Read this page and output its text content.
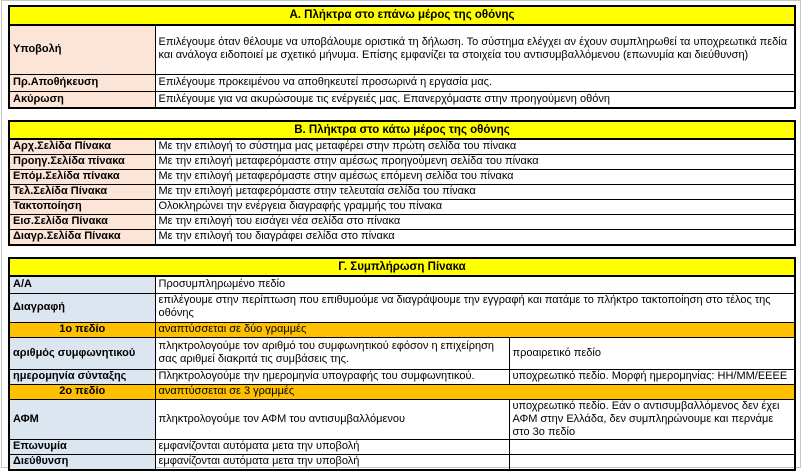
Α. Πλήκτρα στο επάνω μέρος της οθόνης	
Υποβολή	Επιλέγουμε όταν θέλουμε να υποβάλουμε οριστικά τη δήλωση. Το σύστημα ελέγχει αν έχουν συμπληρωθεί τα υποχρεωτικά πεδία και ανάλογα ειδοποιεί με σχετικό μήνυμα. Επίσης εμφανίζει τα στοιχεία του αντισυμβαλλόμενου (επωνυμία και διεύθυνση)
Πρ.Αποθήκευση	Επιλέγουμε προκειμένου να αποθηκευτεί προσωρινά η εργασία μας.
Ακύρωση	Επιλέγουμε για να ακυρώσουμε τις ενέργειές μας. Επανερχόμαστε στην προηγούμενη οθόνη
Β. Πλήκτρα στο κάτω μέρος της οθόνης	
Αρχ.Σελίδα Πίνακα	Με την επιλογή το σύστημα μας μεταφέρει στην πρώτη σελίδα του πίνακα
Προηγ.Σελίδα πίνακα	Με την επιλογή μεταφερόμαστε στην αμέσως προηγούμενη σελίδα του πίνακα
Επόμ.Σελίδα πίνακα	Με την επιλογή μεταφερόμαστε στην αμέσως επόμενη σελίδα του πίνακα
Τελ.Σελίδα Πίνακα	Με την επιλογή μεταφερόμαστε στην τελευταία σελίδα του πίνακα
Τακτοποίηση	Ολοκληρώνει την ενέργεια διαγραφής γραμμής του πίνακα
Εισ.Σελίδα Πίνακα	Με την επιλογή του εισάγει νέα σελίδα στο πίνακα
Διαγρ.Σελίδα Πίνακα	Με την επιλογή του διαγράφει σελίδα στο πίνακα
Γ. Συμπλήρωση Πίνακα		
Α/Α	Προσυμπληρωμένο πεδίο	
Διαγραφή	επιλέγουμε στην περίπτωση που επιθυμούμε να διαγράψουμε την εγγραφή και πατάμε το πλήκτρο τακτοποίηση στο τέλος της οθόνης	
1ο πεδίο	αναπτύσσεται σε δύο γραμμές	
αριθμός συμφωνητικού	πληκτρολογούμε τον αριθμό του συμφωνητικού εφόσον η επιχείρηση σας αριθμεί διακριτά τις συμβάσεις της.	προαιρετικό πεδίο
ημερομηνία σύνταξης	Πληκτρολογούμε την ημερομηνία υπογραφής του συμφωνητικού.	υποχρεωτικό πεδίο. Μορφή ημερομηνίας: ΗΗ/ΜΜ/ΕΕΕΕ
2ο πεδίο	αναπτύσσεται σε 3 γραμμές	
ΑΦΜ	πληκτρολογούμε τον ΑΦΜ του αντισυμβαλλόμενου	υποχρεωτικό πεδίο. Εάν ο αντισυμβαλλόμενος δεν έχει ΑΦΜ στην Ελλάδα, δεν συμπληρώνουμε και περνάμε στο 3ο πεδίο
Επωνυμία	εμφανίζονται αυτόματα μετα την υποβολή	
Διεύθυνση	εμφανίζονται αυτόματα μετα την υποβολή	
